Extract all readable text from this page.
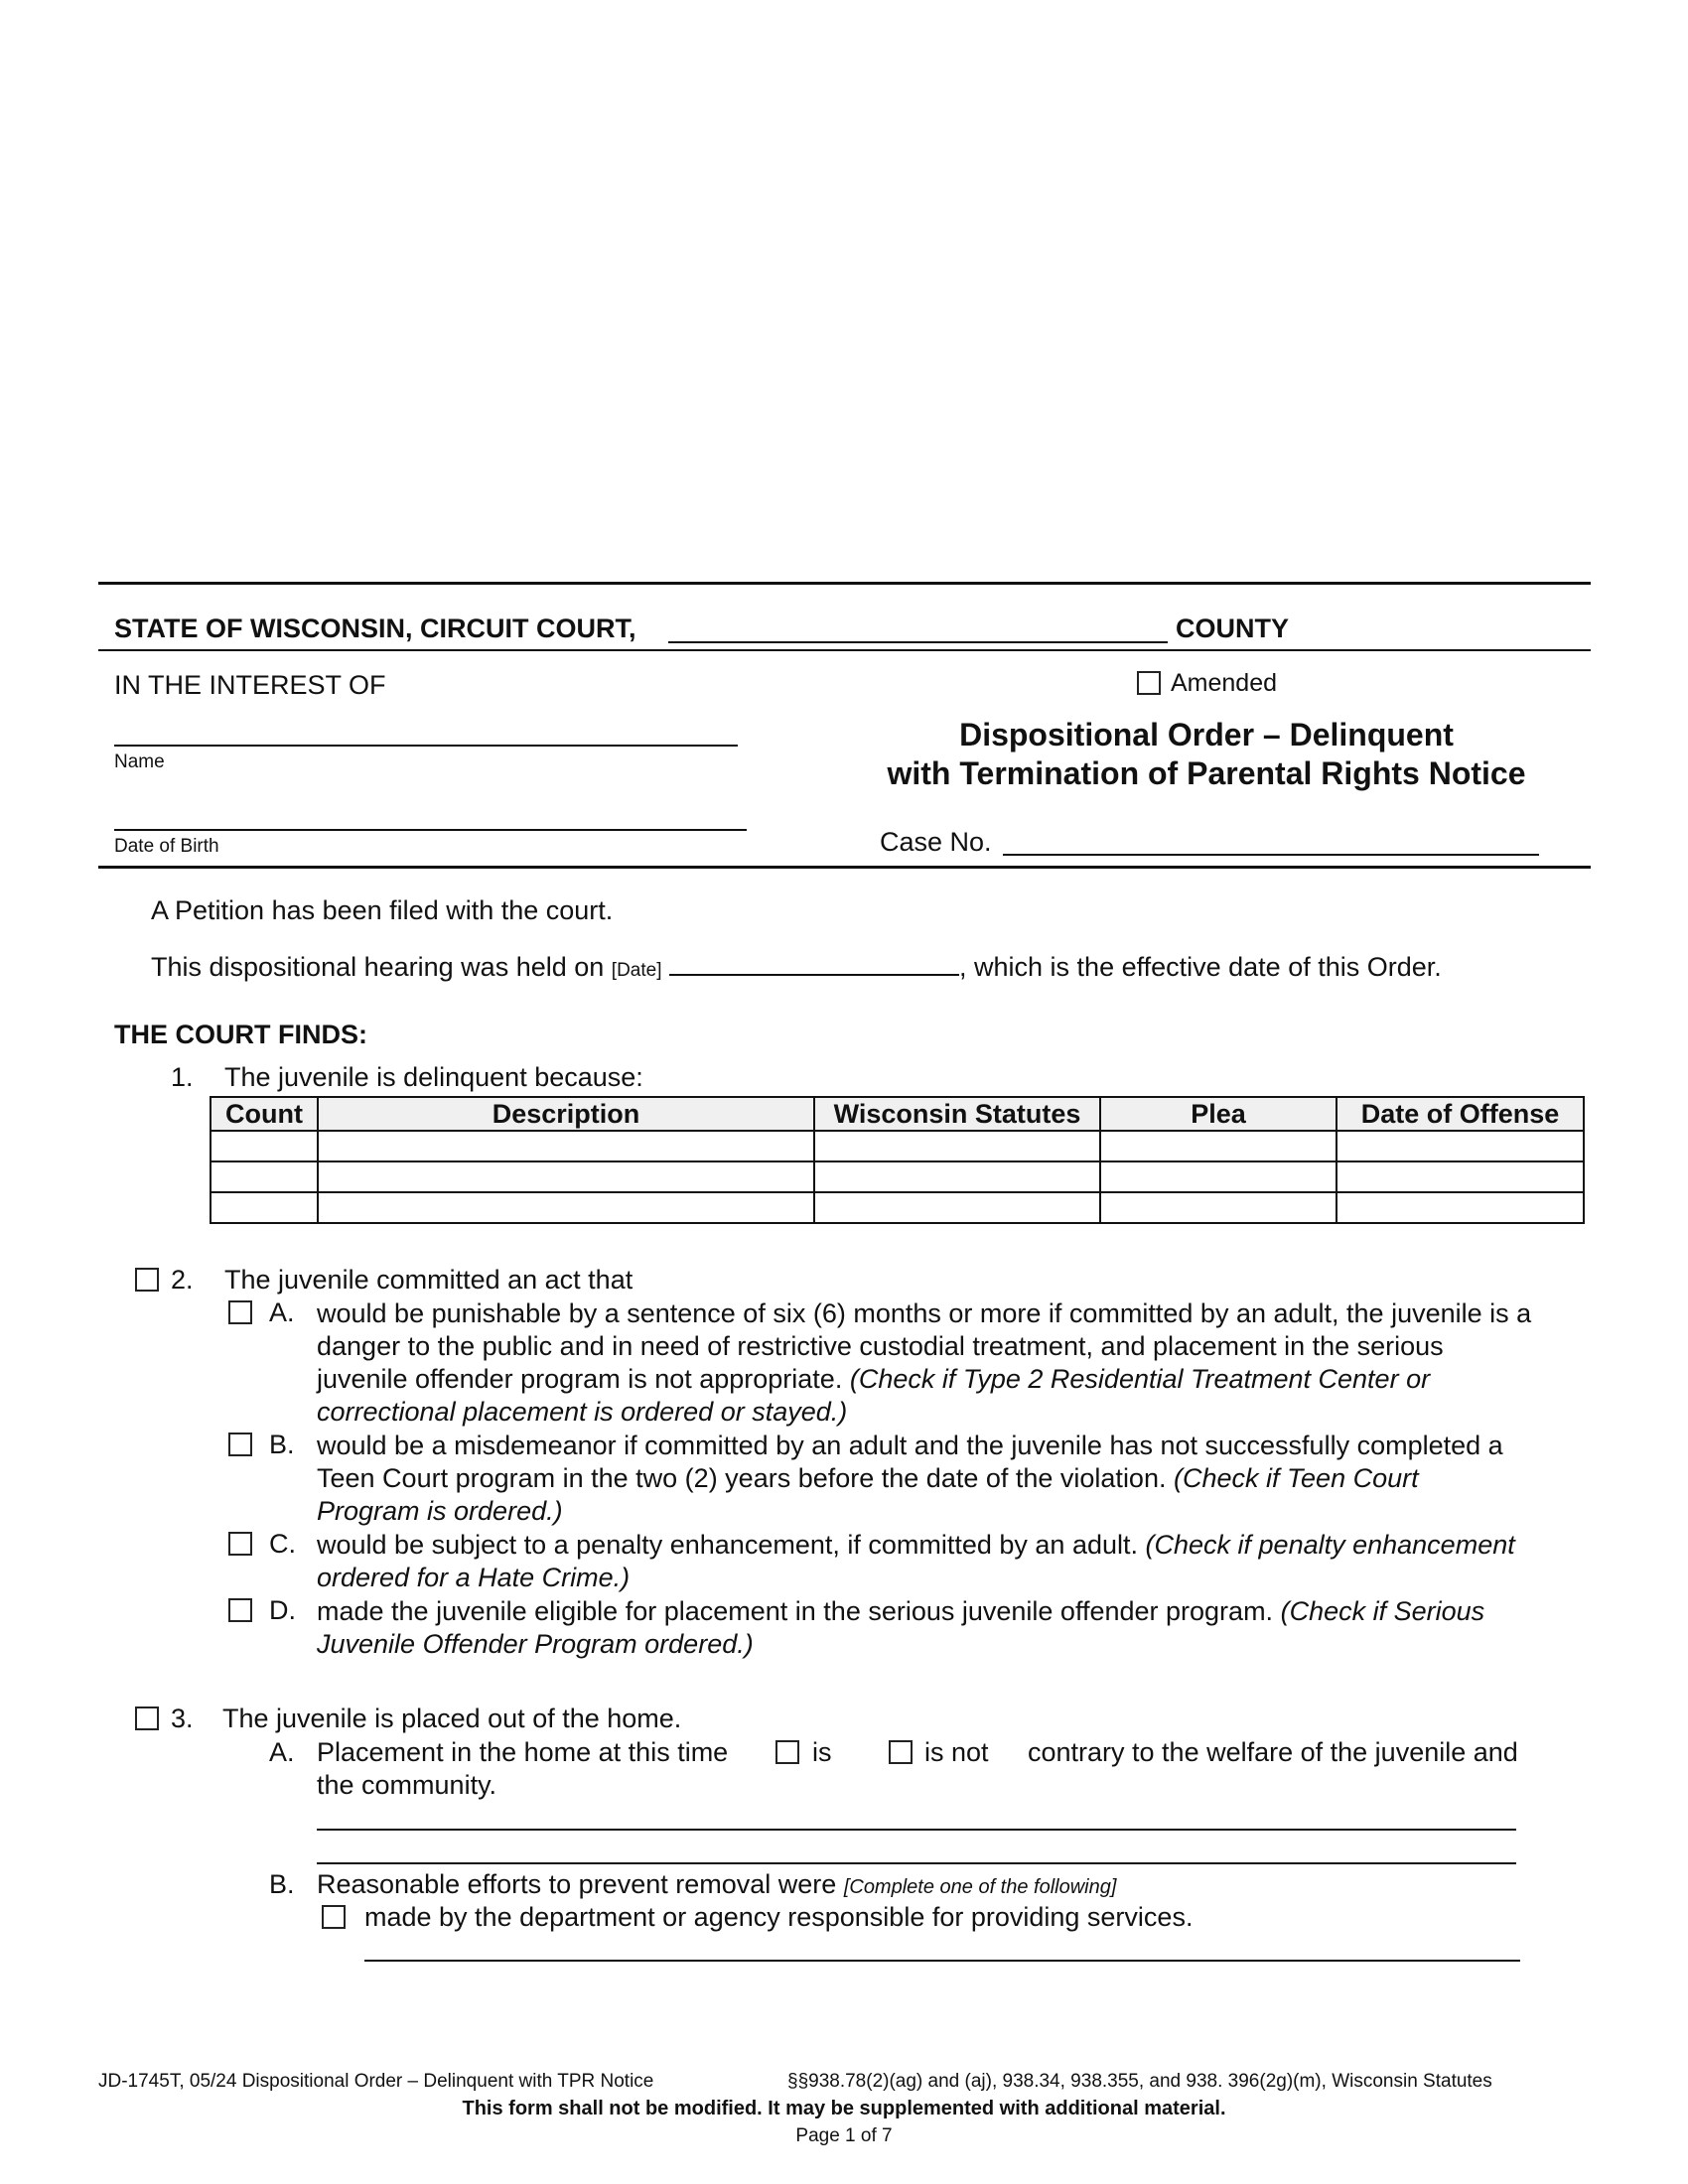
STATE OF WISCONSIN, CIRCUIT COURT,	COUNTY
IN THE INTEREST OF	Amended
Name
Dispositional Order – Delinquent
with Termination of Parental Rights Notice
Date of Birth	Case No.
A Petition has been filed with the court.
This dispositional hearing was held on [Date]	, which is the effective date of this Order.
THE COURT FINDS:
1. The juvenile is delinquent because:
Count	Description	Wisconsin Statutes	Plea	Date of Offense

2. The juvenile committed an act that
A. would be punishable by a sentence of six (6) months or more if committed by an adult, the juvenile is a
danger to the public and in need of restrictive custodial treatment, and placement in the serious
juvenile offender program is not appropriate. (Check if Type 2 Residential Treatment Center or
correctional placement is ordered or stayed.)
B. would be a misdemeanor if committed by an adult and the juvenile has not successfully completed a
Teen Court program in the two (2) years before the date of the violation. (Check if Teen Court
Program is ordered.)
C. would be subject to a penalty enhancement, if committed by an adult. (Check if penalty enhancement
ordered for a Hate Crime.)
D. made the juvenile eligible for placement in the serious juvenile offender program. (Check if Serious
Juvenile Offender Program ordered.)
3. The juvenile is placed out of the home.
A. Placement in the home at this time	is	is not contrary to the welfare of the juvenile and
the community.
B. Reasonable efforts to prevent removal were [Complete one of the following]
made by the department or agency responsible for providing services.
JD-1745T, 05/24 Dispositional Order – Delinquent with TPR Notice	§§938.78(2)(ag) and (aj), 938.34, 938.355, and 938. 396(2g)(m), Wisconsin Statutes
This form shall not be modified. It may be supplemented with additional material.
Page 1 of 7
